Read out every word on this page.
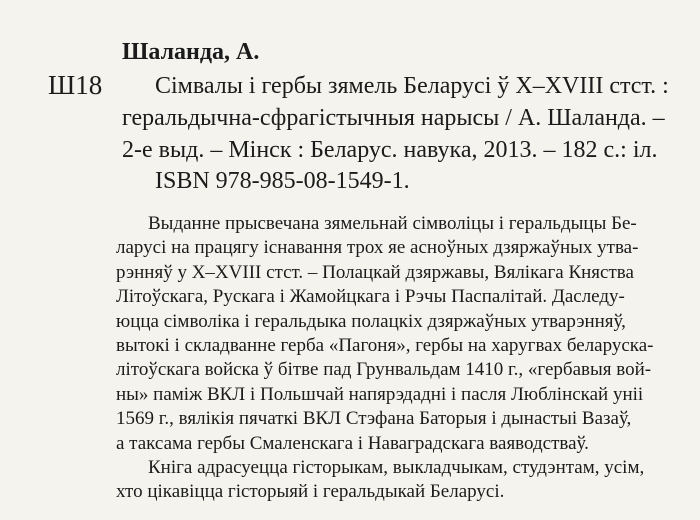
Ш18
Шаланда, А.
Сімвалы і гербы зямель Беларусі ў X–XVIII стст. :
геральдычна-сфрагістычныя нарысы / А. Шаланда. –
2-е выд. – Мінск : Беларус. навука, 2013. – 182 с.: іл.
ISBN 978-985-08-1549-1.
Выданне прысвечана зямельнай сімволіцы і геральдыцы Бе-
ларусі на працягу існавання трох яе асноўных дзяржаўных утва-
рэнняў у X–XVIII стст. – Полацкай дзяржавы, Вялікага Княства
Літоўскага, Рускага і Жамойцкага і Рэчы Паспалітай. Даследу-
юцца сімволіка і геральдыка полацкіх дзяржаўных утварэнняў,
вытокі і складванне герба «Пагоня», гербы на харугвах беларуска-
літоўскага войска ў бітве пад Грунвальдам 1410 г., «гербавыя вой-
ны» паміж ВКЛ і Польшчай напярэдадні і пасля Люблінскай уніі
1569 г., вялікія пячаткі ВКЛ Стэфана Баторыя і дынастыі Вазаў,
а таксама гербы Смаленскага і Наваградскага ваяводстваў.
Кніга адрасуецца гісторыкам, выкладчыкам, студэнтам, усім,
хто цікавіцца гісторыяй і геральдыкай Беларусі.
